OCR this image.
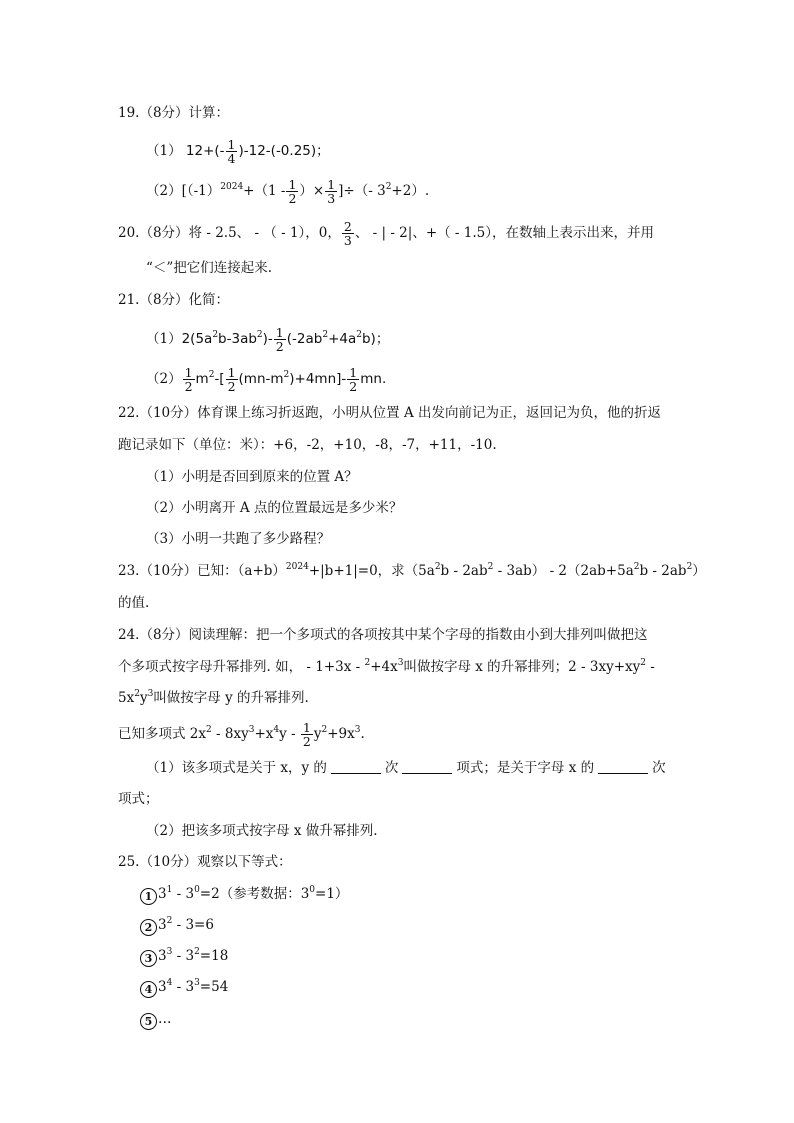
19.（8分）计算：
（1） $12+(- \frac{1}{4} )-12-(-0.25)$；
$(2)[(-1)^{2024}+(1 - \frac{1}{2}$ ）× $\frac{1}{3}$ ]÷（- $3^2+2$）.
20.（8分）将 - 2.5、 - （ - 1），0， $\frac{2}{3}$ 、 - | - 2|、+（ - 1.5），在数轴上表示出来，并用
“＜”把它们连接起来.
21.（8分）化简：
$(1)2(5a^2b-3ab^2)- \frac{1}{2} (-2ab^2+4a^2b)$；
$(2) \frac{1}{2} m^2-[ \frac{1}{2} (mn-m^2)+4mn]- \frac{1}{2}$ mn.
22.（10分）体育课上练习折返跑，小明从位置 A 出发向前记为正，返回记为负，他的折返
跑记录如下（单位：米）：+6，-2，+10，-8，-7，+11，-10.
（1）小明是否回到原来的位置 A？
（2）小明离开 A 点的位置最远是多少米？
（3）小明一共跑了多少路程？
23.（10分）已知：$(a+b)^{2024}+|b+1|=0$，求$(5a^2b - 2ab^2 - 3ab) - 2(2ab+5a^2b - 2ab^2)$
的值.
24.（8分）阅读理解：把一个多项式的各项按其中某个字母的指数由小到大排列叫做把这
个多项式按字母升幂排列. 如， - $1+3x - ^2+4x^3$叫做按字母 x 的升幂排列；$2 - 3xy+xy^2$ -
$5x^2y^3$叫做按字母 y 的升幂排列.
已知多项式 $2x^2 - 8xy^3+x^4y - \frac{1}{2} y^2+9x^3$.
（1）该多项式是关于 x，y 的	次	项式；是关于字母 x 的	次
项式；
（2）把该多项式按字母 x 做升幂排列.
25.（10分）观察以下等式：
1 $3^1 - 3^0=2$（参考数据：$3^0=1$）
2 $3^2 - 3=6$
3 $3^3 - 3^2=18$
4 $3^4 - 3^3=54$
5 …
